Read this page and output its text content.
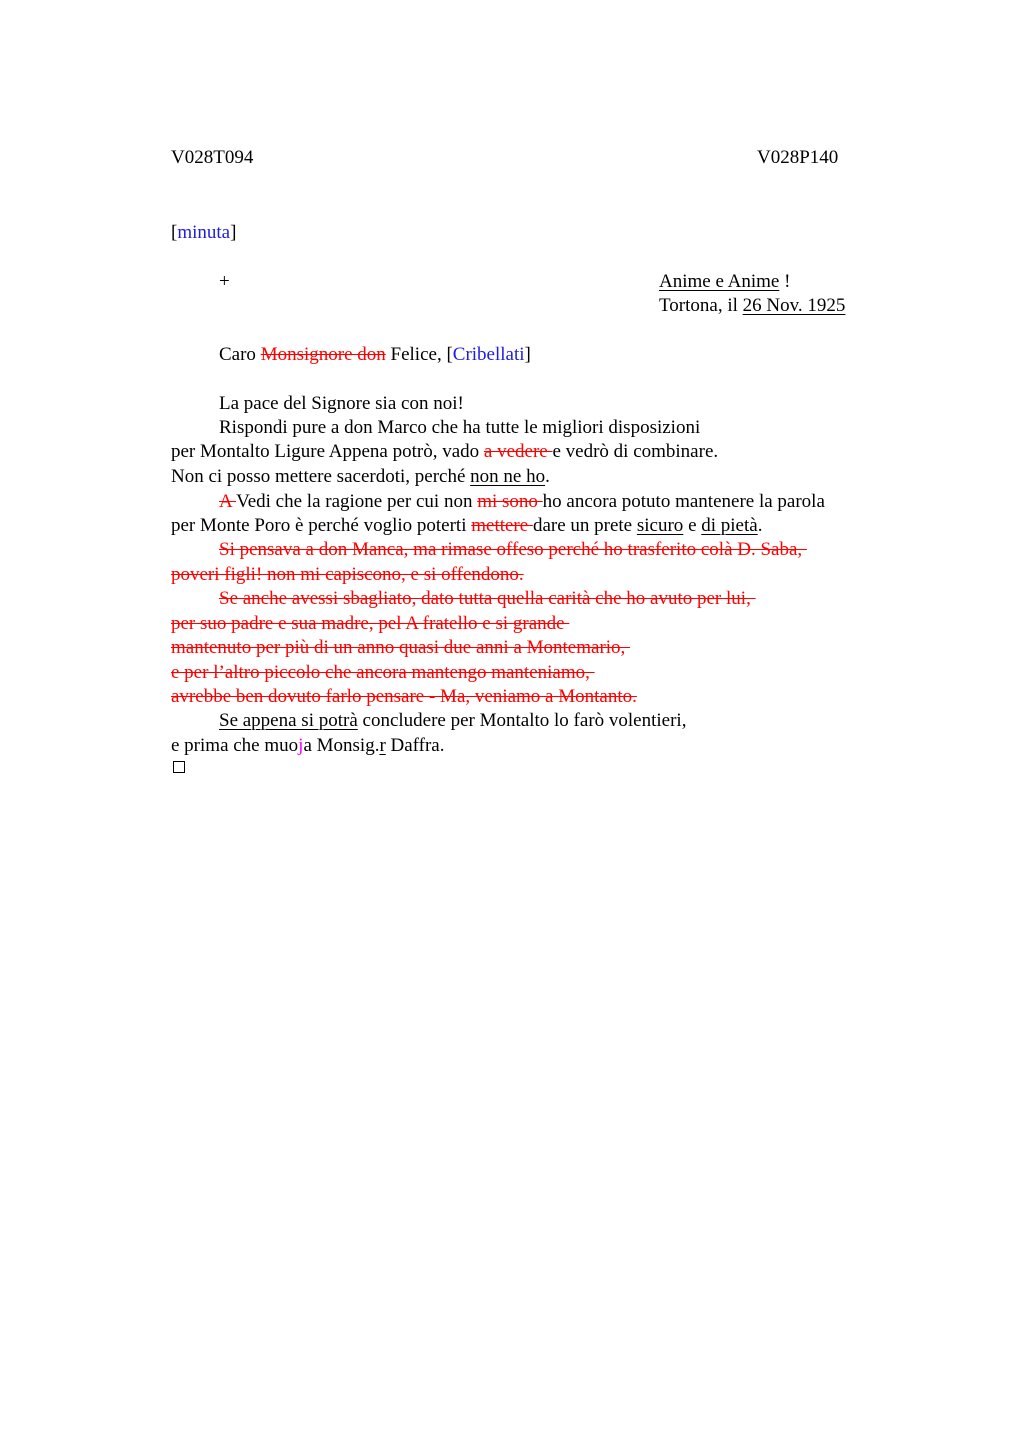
V028T094	V028P140
[minuta]
+	Anime e Anime !
Tortona, il 26 Nov. 1925
Caro Monsignore don Felice, [Cribellati]
La pace del Signore sia con noi!
Rispondi pure a don Marco che ha tutte le migliori disposizioni
per Montalto Ligure Appena potrò, vado a vedere e vedrò di combinare.
Non ci posso mettere sacerdoti, perché non ne ho.
A Vedi che la ragione per cui non mi sono ho ancora potuto mantenere la parola
per Monte Poro è perché voglio poterti mettere dare un prete sicuro e di pietà.
Si pensava a don Manca, ma rimase offeso perché ho trasferito colà D. Saba,
poveri figli! non mi capiscono, e si offendono.
Se anche avessi sbagliato, dato tutta quella carità che ho avuto per lui,
per suo padre e sua madre, pel A fratello e si grande
mantenuto per più di un anno quasi due anni a Montemario,
e per l’altro piccolo che ancora mantengo manteniamo,
avrebbe ben dovuto farlo pensare - Ma, veniamo a Montanto.
Se appena si potrà concludere per Montalto lo farò volentieri,
e prima che muoja Monsig.r Daffra.
